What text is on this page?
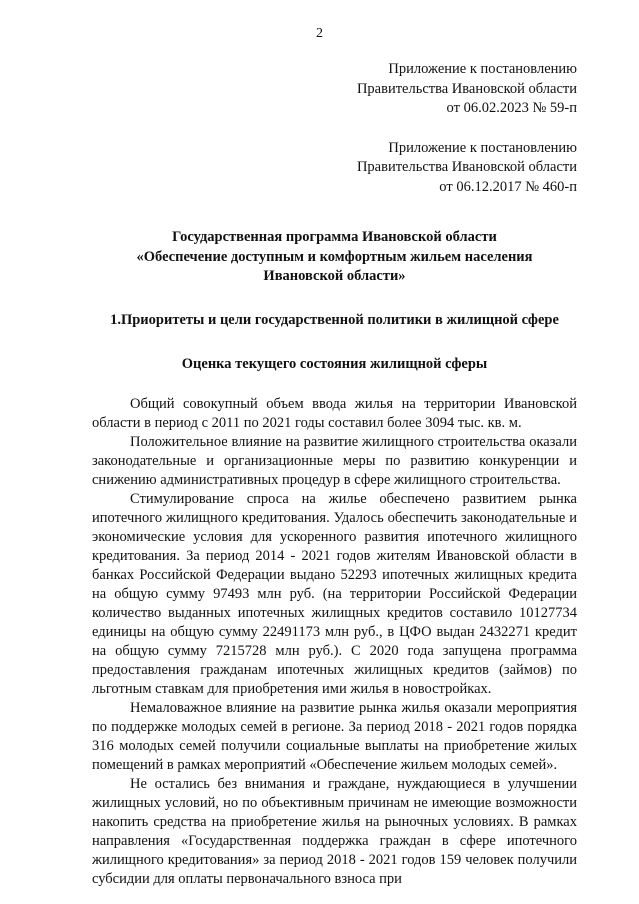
2
Приложение к постановлению
Правительства Ивановской области
от 06.02.2023 № 59-п
Приложение к постановлению
Правительства Ивановской области
от 06.12.2017 № 460-п
Государственная программа Ивановской области
«Обеспечение доступным и комфортным жильем населения
Ивановской области»
1.Приоритеты и цели государственной политики в жилищной сфере
Оценка текущего состояния жилищной сферы

Общий совокупный объем ввода жилья на территории Ивановской области в период с 2011 по 2021 годы составил более 3094 тыс. кв. м.

Положительное влияние на развитие жилищного строительства оказали законодательные и организационные меры по развитию конкуренции и снижению административных процедур в сфере жилищного строительства.

Стимулирование спроса на жилье обеспечено развитием рынка ипотечного жилищного кредитования. Удалось обеспечить законодательные и экономические условия для ускоренного развития ипотечного жилищного кредитования. За период 2014 - 2021 годов жителям Ивановской области в банках Российской Федерации выдано 52293 ипотечных жилищных кредита на общую сумму 97493 млн руб. (на территории Российской Федерации количество выданных ипотечных жилищных кредитов составило 10127734 единицы на общую сумму 22491173 млн руб., в ЦФО выдан 2432271 кредит на общую сумму 7215728 млн руб.). С 2020 года запущена программа предоставления гражданам ипотечных жилищных кредитов (займов) по льготным ставкам для приобретения ими жилья в новостройках.

Немаловажное влияние на развитие рынка жилья оказали мероприятия по поддержке молодых семей в регионе. За период 2018 - 2021 годов порядка 316 молодых семей получили социальные выплаты на приобретение жилых помещений в рамках мероприятий «Обеспечение жильем молодых семей».

Не остались без внимания и граждане, нуждающиеся в улучшении жилищных условий, но по объективным причинам не имеющие возможности накопить средства на приобретение жилья на рыночных условиях. В рамках направления «Государственная поддержка граждан в сфере ипотечного жилищного кредитования» за период 2018 - 2021 годов 159 человек получили субсидии для оплаты первоначального взноса при
